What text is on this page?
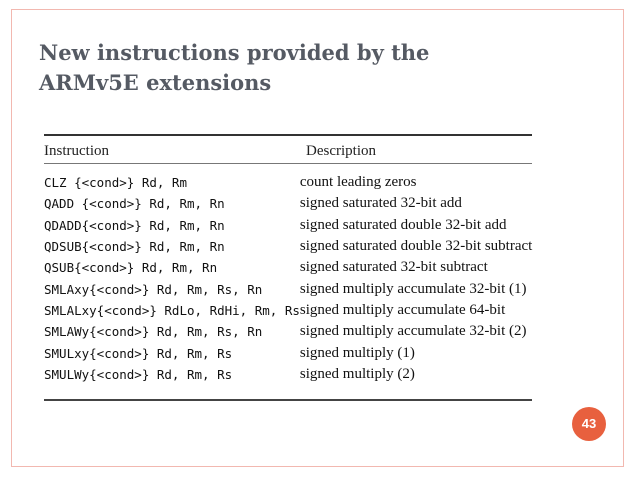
New instructions provided by the
ARMv5E extensions
Instruction	Description
CLZ {<cond>} Rd, Rm	count leading zeros
QADD {<cond>} Rd, Rm, Rn	signed saturated 32-bit add
QDADD{<cond>} Rd, Rm, Rn	signed saturated double 32-bit add
QDSUB{<cond>} Rd, Rm, Rn	signed saturated double 32-bit subtract
QSUB{<cond>} Rd, Rm, Rn	signed saturated 32-bit subtract
SMLAxy{<cond>} Rd, Rm, Rs, Rn	signed multiply accumulate 32-bit (1)
SMLALxy{<cond>} RdLo, RdHi, Rm, Rs	signed multiply accumulate 64-bit
SMLAWy{<cond>} Rd, Rm, Rs, Rn	signed multiply accumulate 32-bit (2)
SMULxy{<cond>} Rd, Rm, Rs	signed multiply (1)
SMULWy{<cond>} Rd, Rm, Rs	signed multiply (2)
43
